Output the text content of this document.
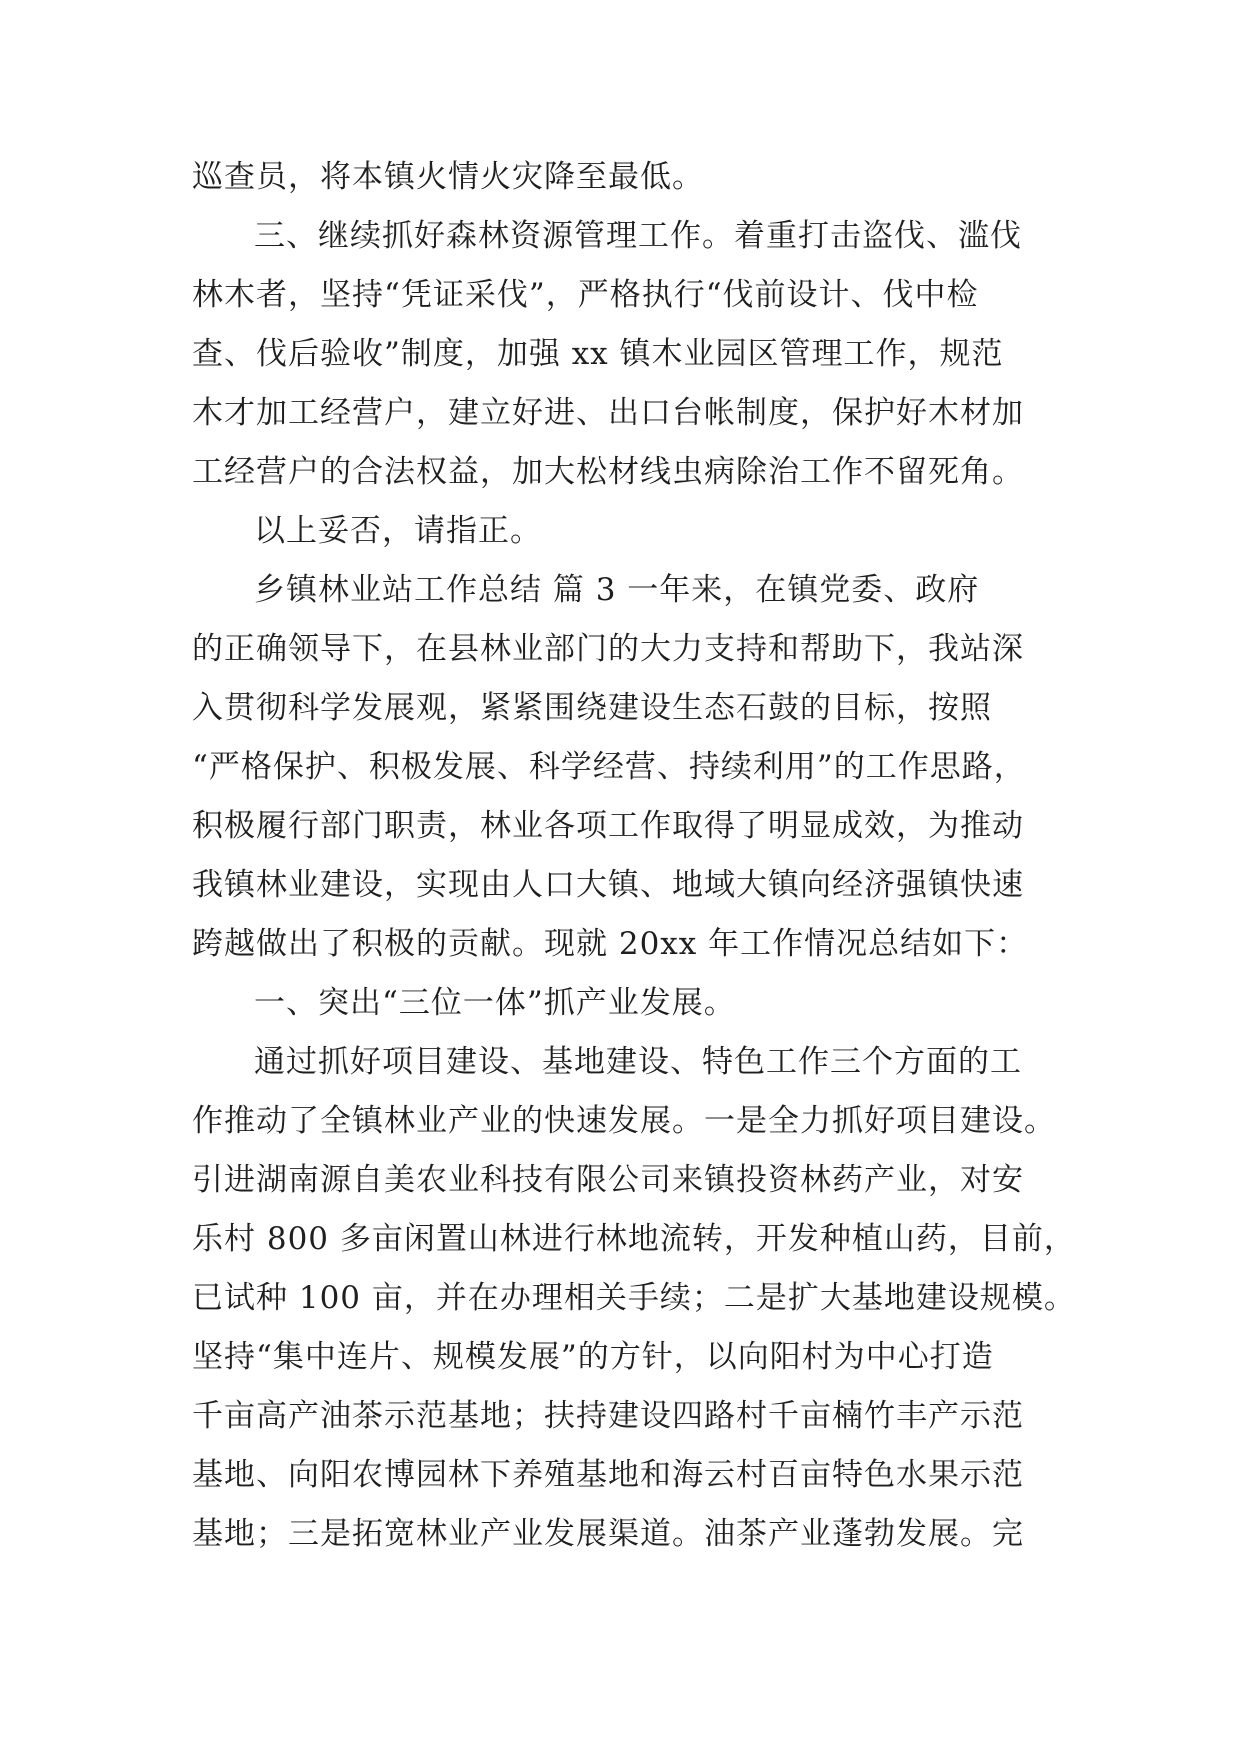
巡查员，将本镇火情火灾降至最低。
三、继续抓好森林资源管理工作。着重打击盗伐、滥伐
林木者，坚持“凭证采伐”，严格执行“伐前设计、伐中检
查、伐后验收”制度，加强 xx 镇木业园区管理工作，规范
木才加工经营户，建立好进、出口台帐制度，保护好木材加
工经营户的合法权益，加大松材线虫病除治工作不留死角。
以上妥否，请指正。
乡镇林业站工作总结 篇 3 一年来，在镇党委、政府
的正确领导下，在县林业部门的大力支持和帮助下，我站深
入贯彻科学发展观，紧紧围绕建设生态石鼓的目标，按照
“严格保护、积极发展、科学经营、持续利用”的工作思路，
积极履行部门职责，林业各项工作取得了明显成效，为推动
我镇林业建设，实现由人口大镇、地域大镇向经济强镇快速
跨越做出了积极的贡献。现就 20xx 年工作情况总结如下：
一、突出“三位一体”抓产业发展。
通过抓好项目建设、基地建设、特色工作三个方面的工
作推动了全镇林业产业的快速发展。一是全力抓好项目建设。
引进湖南源自美农业科技有限公司来镇投资林药产业，对安
乐村 800 多亩闲置山林进行林地流转，开发种植山药，目前，
已试种 100 亩，并在办理相关手续；二是扩大基地建设规模。
坚持“集中连片、规模发展”的方针，以向阳村为中心打造
千亩高产油茶示范基地；扶持建设四路村千亩楠竹丰产示范
基地、向阳农博园林下养殖基地和海云村百亩特色水果示范
基地；三是拓宽林业产业发展渠道。油茶产业蓬勃发展。完
